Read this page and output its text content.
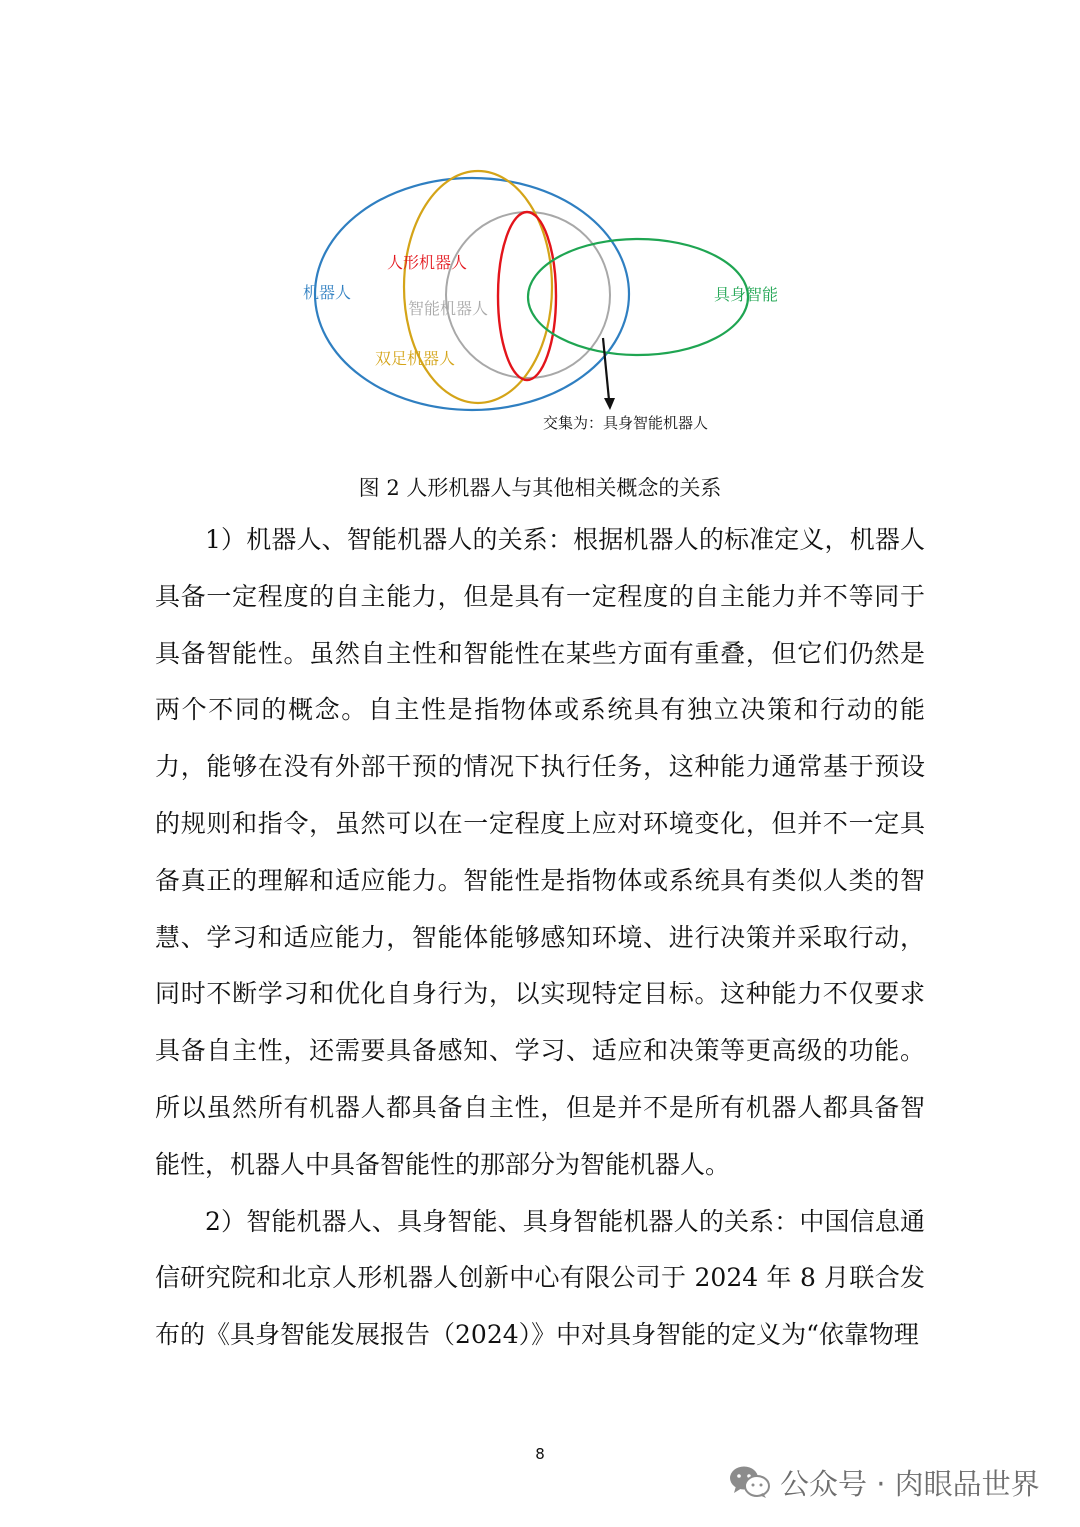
机器人
人形机器人
智能机器人
双足机器人
具身智能
交集为：具身智能机器人
图 2 人形机器人与其他相关概念的关系

1）机器人、智能机器人的关系：根据机器人的标准定义，机器人具备一定程度的自主能力，但是具有一定程度的自主能力并不等同于具备智能性。虽然自主性和智能性在某些方面有重叠，但它们仍然是两个不同的概念。自主性是指物体或系统具有独立决策和行动的能力，能够在没有外部干预的情况下执行任务，这种能力通常基于预设的规则和指令，虽然可以在一定程度上应对环境变化，但并不一定具备真正的理解和适应能力。智能性是指物体或系统具有类似人类的智慧、学习和适应能力，智能体能够感知环境、进行决策并采取行动，同时不断学习和优化自身行为，以实现特定目标。这种能力不仅要求具备自主性，还需要具备感知、学习、适应和决策等更高级的功能。所以虽然所有机器人都具备自主性，但是并不是所有机器人都具备智能性，机器人中具备智能性的那部分为智能机器人。

2）智能机器人、具身智能、具身智能机器人的关系：中国信息通信研究院和北京人形机器人创新中心有限公司于 2024 年 8 月联合发布的《具身智能发展报告（2024）》中对具身智能的定义为“依靠物理

8
公众号 · 肉眼品世界
